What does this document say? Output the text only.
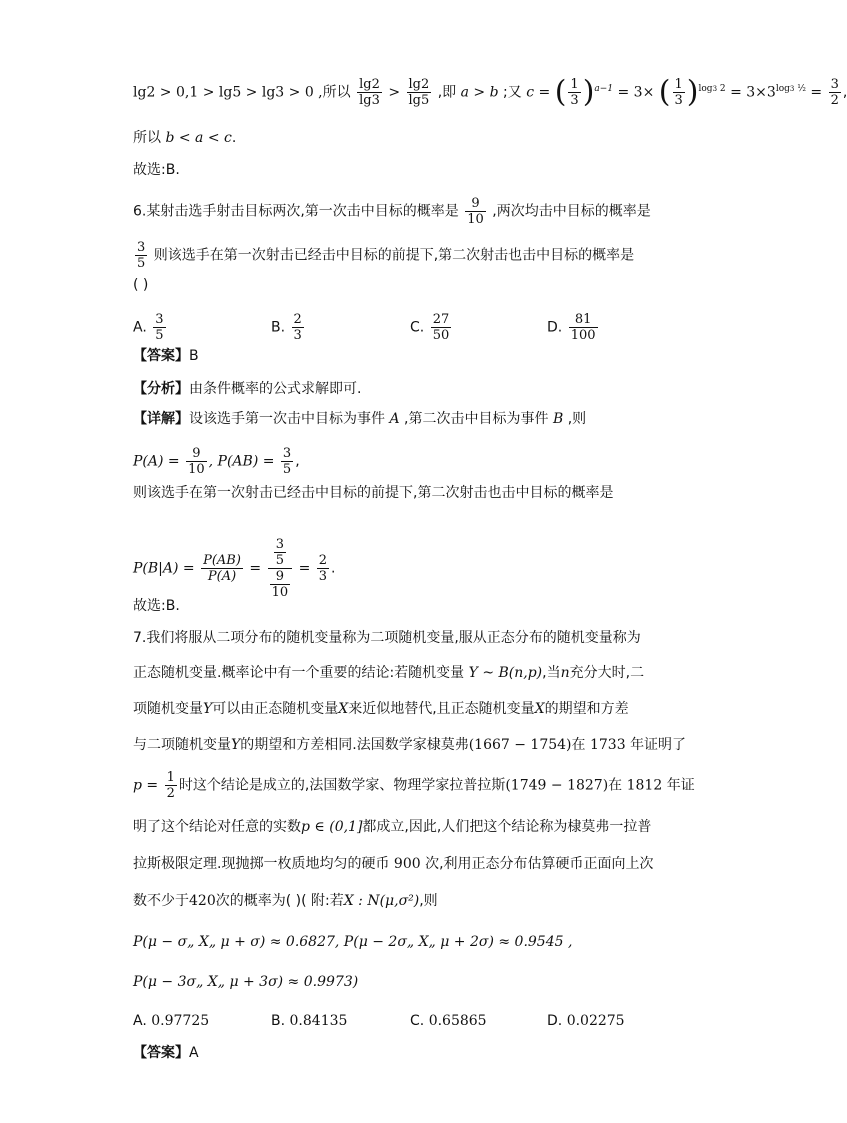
lg2 > 0,1 > lg5 > lg3 > 0 ,所以 $\frac{\lg 2}{\lg 3} > \frac{\lg 2}{\lg 5}$ ,即 a > b ;又 c = ( $\frac{1}{3} )^{a-1} = 3\times$ ( $\frac{1}{3} )^{log3 2} = 3\times 3^{log3 \frac{1}{2}} = \frac{3}{2}$ ,
所以 b < a < c.
故选:B.
6.某射击选手射击目标两次,第一次击中目标的概率是 $\frac{9}{10}$ ,两次均击中目标的概率是
$\frac{3}{5}$ 则该选手在第一次射击已经击中目标的前提下,第二次射击也击中目标的概率是
( )
A. $\frac{3}{5}$	B. $\frac{2}{3}$	C. $\frac{27}{50}$	D. $\frac{81}{100}$
【答案】B
【分析】由条件概率的公式求解即可.
【详解】设该选手第一次击中目标为事件 A ,第二次击中目标为事件 B ,则
$P(A) = \frac{9}{10}$ , $P(AB) = \frac{3}{5}$ ,
则该选手在第一次射击已经击中目标的前提下,第二次射击也击中目标的概率是
$P(B|A) = \frac{P(AB)}{P(A)} = \frac{\frac{3}{5}}{\frac{9}{10}} = \frac{2}{3}$ .
故选:B.
7.我们将服从二项分布的随机变量称为二项随机变量,服从正态分布的随机变量称为
正态随机变量.概率论中有一个重要的结论:若随机变量 Y ~ B(n,p),当n充分大时,二
项随机变量Y可以由正态随机变量X来近似地替代,且正态随机变量X的期望和方差
与二项随机变量Y的期望和方差相同.法国数学家棣莫弗(1667 − 1754)在 1733 年证明了
$p = \frac{1}{2}$ 时这个结论是成立的,法国数学家、物理学家拉普拉斯(1749 − 1827)在 1812 年证
明了这个结论对任意的实数p ∈ (0,1]都成立,因此,人们把这个结论称为棣莫弗一拉普
拉斯极限定理.现抛掷一枚质地均匀的硬币 900 次,利用正态分布估算硬币正面向上次
数不少于420次的概率为( )( 附:若X : N(μ,σ²),则
P(μ − σ„ X„ μ + σ) ≈ 0.6827, P(μ − 2σ„ X„ μ + 2σ) ≈ 0.9545 ,
P(μ − 3σ„ X„ μ + 3σ) ≈ 0.9973)
A. 0.97725	B. 0.84135	C. 0.65865	D. 0.02275
【答案】A
